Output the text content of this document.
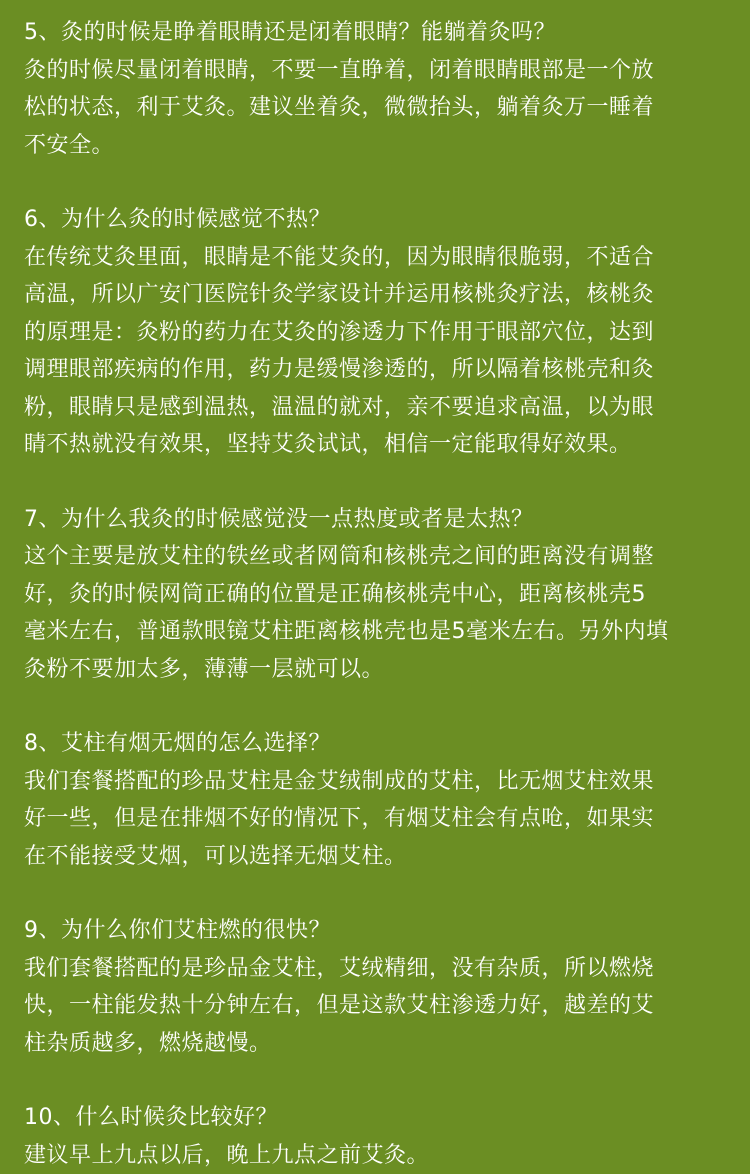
5、灸的时候是睁着眼睛还是闭着眼睛？能躺着灸吗？
灸的时候尽量闭着眼睛，不要一直睁着，闭着眼睛眼部是一个放
松的状态，利于艾灸。建议坐着灸，微微抬头，躺着灸万一睡着
不安全。
6、为什么灸的时候感觉不热？
在传统艾灸里面，眼睛是不能艾灸的，因为眼睛很脆弱，不适合
高温，所以广安门医院针灸学家设计并运用核桃灸疗法，核桃灸
的原理是：灸粉的药力在艾灸的渗透力下作用于眼部穴位，达到
调理眼部疾病的作用，药力是缓慢渗透的，所以隔着核桃壳和灸
粉，眼睛只是感到温热，温温的就对，亲不要追求高温，以为眼
睛不热就没有效果，坚持艾灸试试，相信一定能取得好效果。
7、为什么我灸的时候感觉没一点热度或者是太热？
这个主要是放艾柱的铁丝或者网筒和核桃壳之间的距离没有调整
好，灸的时候网筒正确的位置是正确核桃壳中心，距离核桃壳5
毫米左右，普通款眼镜艾柱距离核桃壳也是5毫米左右。另外内填
灸粉不要加太多，薄薄一层就可以。
8、艾柱有烟无烟的怎么选择？
我们套餐搭配的珍品艾柱是金艾绒制成的艾柱，比无烟艾柱效果
好一些，但是在排烟不好的情况下，有烟艾柱会有点呛，如果实
在不能接受艾烟，可以选择无烟艾柱。
9、为什么你们艾柱燃的很快？
我们套餐搭配的是珍品金艾柱，艾绒精细，没有杂质，所以燃烧
快，一柱能发热十分钟左右，但是这款艾柱渗透力好，越差的艾
柱杂质越多，燃烧越慢。
10、什么时候灸比较好？
建议早上九点以后，晚上九点之前艾灸。
